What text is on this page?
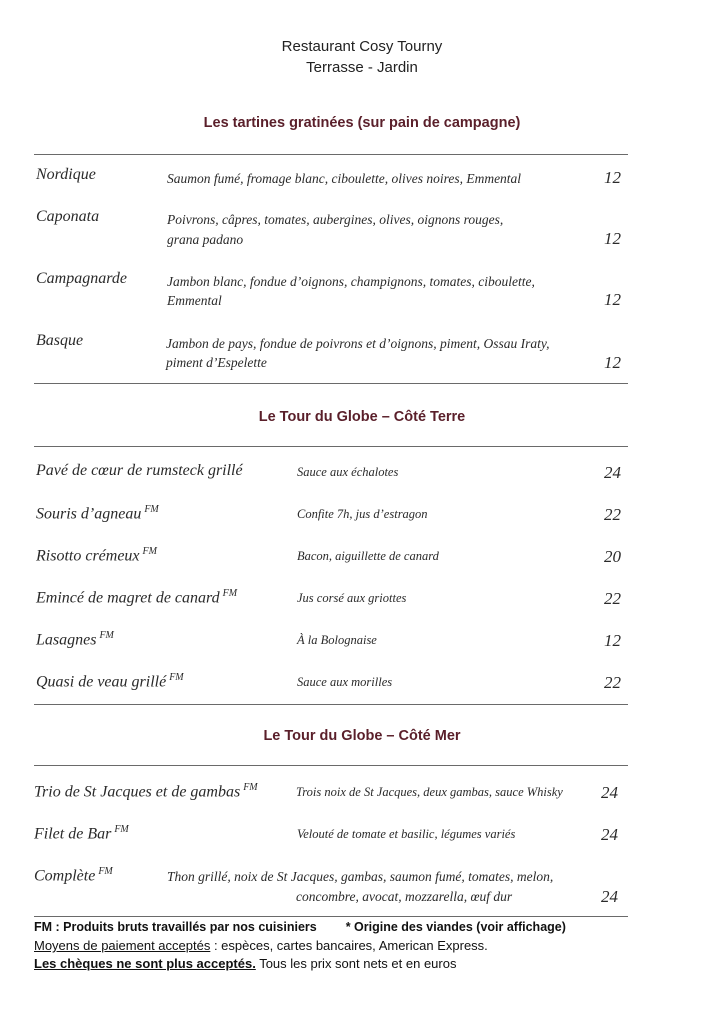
Restaurant Cosy Tourny
Terrasse - Jardin
Les tartines gratinées (sur pain de campagne)
Nordique	Saumon fumé, fromage blanc, ciboulette, olives noires, Emmental	12
Caponata	Poivrons, câpres, tomates, aubergines, olives, oignons rouges,
grana padano	12
Campagnarde	Jambon blanc, fondue d’oignons, champignons, tomates, ciboulette,
Emmental	12
Basque	Jambon de pays, fondue de poivrons et d’oignons, piment, Ossau Iraty,
piment d’Espelette	12
Le Tour du Globe – Côté Terre
Pavé de cœur de rumsteck grillé	Sauce aux échalotes	24
Souris d’agneau $^{FM}$	Confite 7h, jus d’estragon	22
Risotto crémeux $^{FM}$	Bacon, aiguillette de canard	20
Emincé de magret de canard $^{FM}$	Jus corsé aux griottes	22
Lasagnes $^{FM}$	À la Bolognaise	12
Quasi de veau grillé $^{FM}$	Sauce aux morilles	22
Le Tour du Globe – Côté Mer
Trio de St Jacques et de gambas $^{FM}$	Trois noix de St Jacques, deux gambas, sauce Whisky	24
Filet de Bar $^{FM}$	Velouté de tomate et basilic, légumes variés	24
Complète $^{FM}$	Thon grillé, noix de St Jacques, gambas, saumon fumé, tomates, melon,
concombre, avocat, mozzarella, œuf dur	24
FM : Produits bruts travaillés par nos cuisiniers * Origine des viandes (voir affichage)
Moyens de paiement acceptés : espèces, cartes bancaires, American Express.
Les chèques ne sont plus acceptés. Tous les prix sont nets et en euros
